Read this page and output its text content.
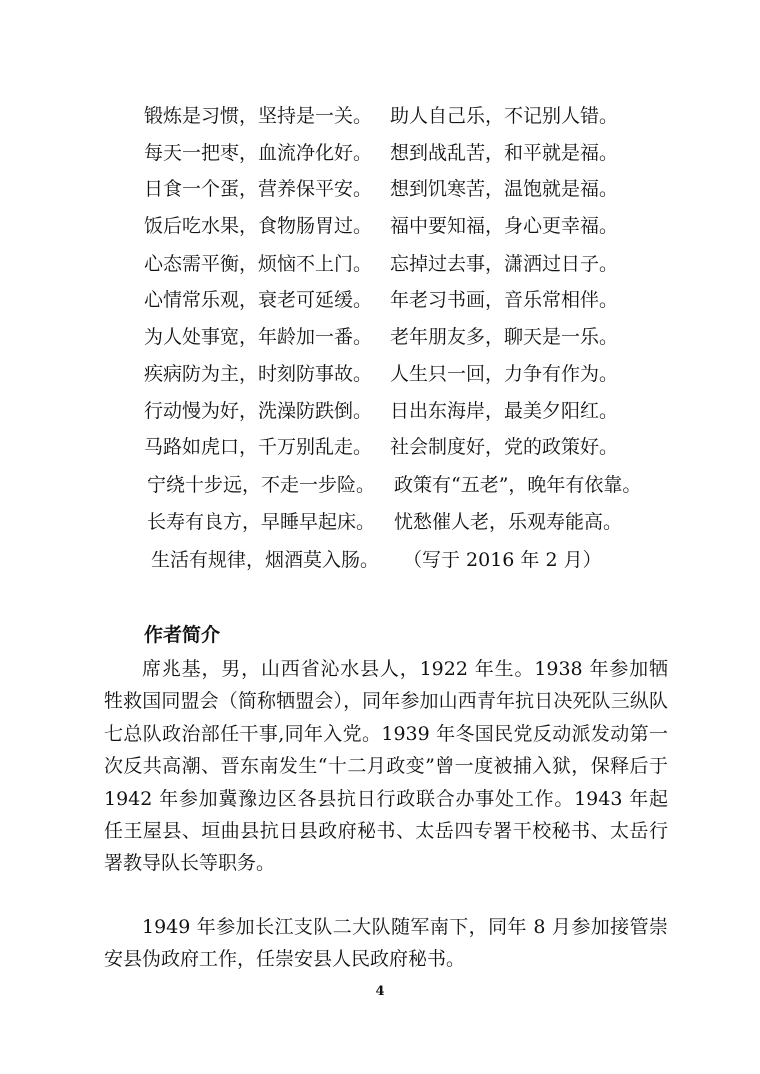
锻炼是习惯，坚持是一关。 助人自己乐，不记别人错。
每天一把枣，血流净化好。 想到战乱苦，和平就是福。
日食一个蛋，营养保平安。 想到饥寒苦，温饱就是福。
饭后吃水果，食物肠胃过。 福中要知福，身心更幸福。
心态需平衡，烦恼不上门。 忘掉过去事，潇洒过日子。
心情常乐观，衰老可延缓。 年老习书画，音乐常相伴。
为人处事宽，年龄加一番。 老年朋友多，聊天是一乐。
疾病防为主，时刻防事故。 人生只一回，力争有作为。
行动慢为好，洗澡防跌倒。 日出东海岸，最美夕阳红。
马路如虎口，千万别乱走。 社会制度好，党的政策好。
宁绕十步远，不走一步险。 政策有“五老”，晚年有依靠。
长寿有良方，早睡早起床。 忧愁催人老，乐观寿能高。
生活有规律，烟酒莫入肠。 （写于 2016 年 2 月）
作者简介

席兆基，男，山西省沁水县人，1922 年生。1938 年参加牺牲救国同盟会（简称牺盟会），同年参加山西青年抗日决死队三纵队七总队政治部任干事,同年入党。1939 年冬国民党反动派发动第一次反共高潮、晋东南发生“十二月政变”曾一度被捕入狱，保释后于 1942 年参加冀豫边区各县抗日行政联合办事处工作。1943 年起任王屋县、垣曲县抗日县政府秘书、太岳四专署干校秘书、太岳行署教导队长等职务。

1949 年参加长江支队二大队随军南下，同年 8 月参加接管崇安县伪政府工作，任崇安县人民政府秘书。

4
